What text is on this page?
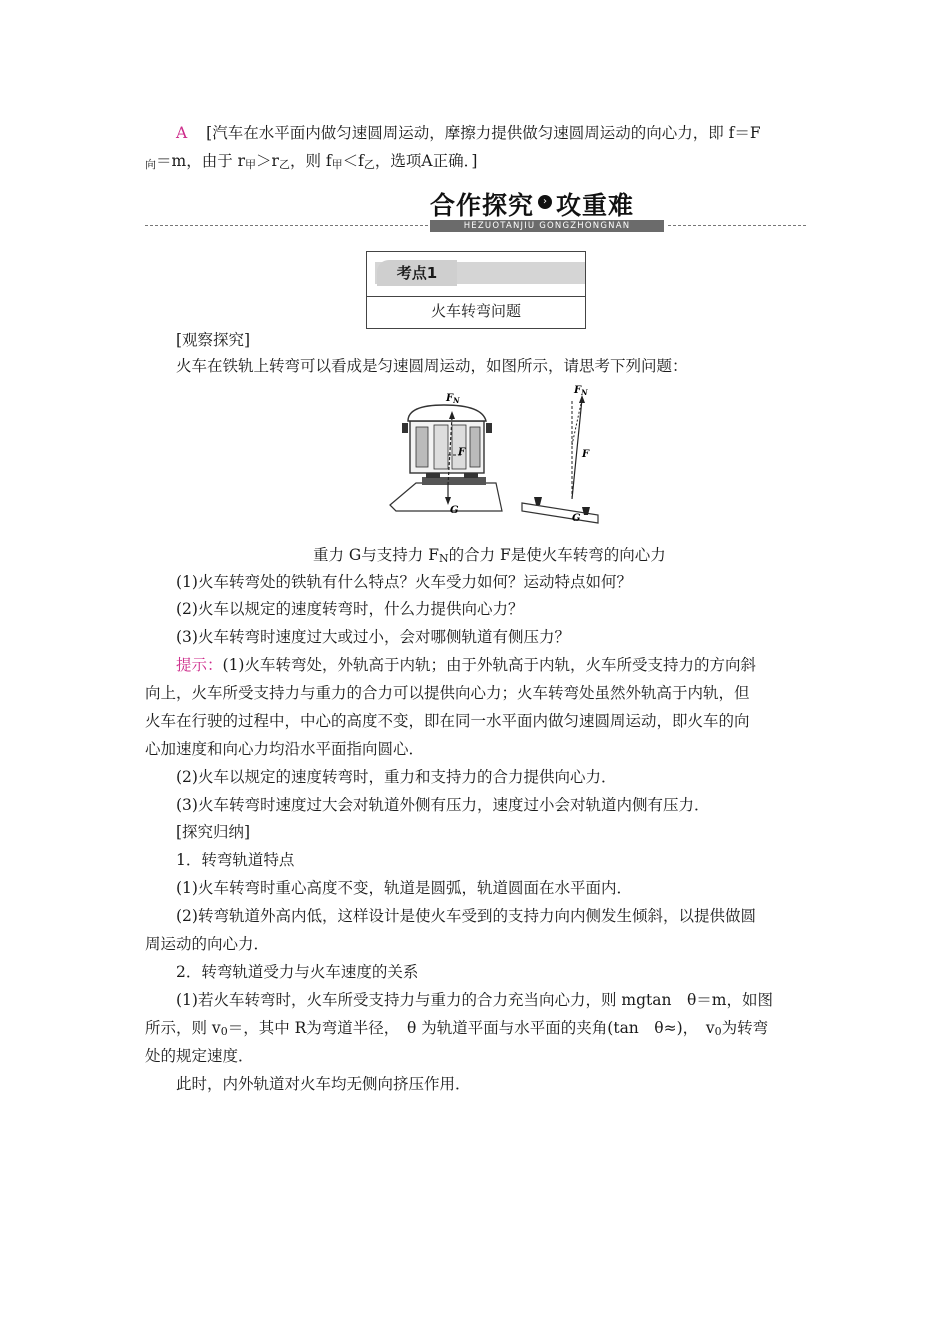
A [汽车在水平面内做匀速圆周运动，摩擦力提供做匀速圆周运动的向心力，即 f＝F
向＝m，由于 r甲＞r乙，则 f甲＜f乙，选项A正确．]
合作探究 › 攻重难
HEZUOTANJIU GONGZHONGNAN
考点1
火车转弯问题
[观察探究]
火车在铁轨上转弯可以看成是匀速圆周运动，如图所示，请思考下列问题：
$F_N$
F
G
$F_N$
F
G
重力 G与支持力 FN的合力 F是使火车转弯的向心力
(1)火车转弯处的铁轨有什么特点？火车受力如何？运动特点如何？
(2)火车以规定的速度转弯时，什么力提供向心力？
(3)火车转弯时速度过大或过小，会对哪侧轨道有侧压力？
提示：(1)火车转弯处，外轨高于内轨；由于外轨高于内轨，火车所受支持力的方向斜
向上，火车所受支持力与重力的合力可以提供向心力；火车转弯处虽然外轨高于内轨，但
火车在行驶的过程中，中心的高度不变，即在同一水平面内做匀速圆周运动，即火车的向
心加速度和向心力均沿水平面指向圆心．
(2)火车以规定的速度转弯时，重力和支持力的合力提供向心力．
(3)火车转弯时速度过大会对轨道外侧有压力，速度过小会对轨道内侧有压力．
[探究归纳]
1．转弯轨道特点
(1)火车转弯时重心高度不变，轨道是圆弧，轨道圆面在水平面内．
(2)转弯轨道外高内低，这样设计是使火车受到的支持力向内侧发生倾斜，以提供做圆
周运动的向心力．
2．转弯轨道受力与火车速度的关系
(1)若火车转弯时，火车所受支持力与重力的合力充当向心力，则 mgtan　θ＝m，如图
所示，则 v0＝，其中 R为弯道半径，　θ 为轨道平面与水平面的夹角(tan　θ≈)，　v0为转弯
处的规定速度．
此时，内外轨道对火车均无侧向挤压作用．
